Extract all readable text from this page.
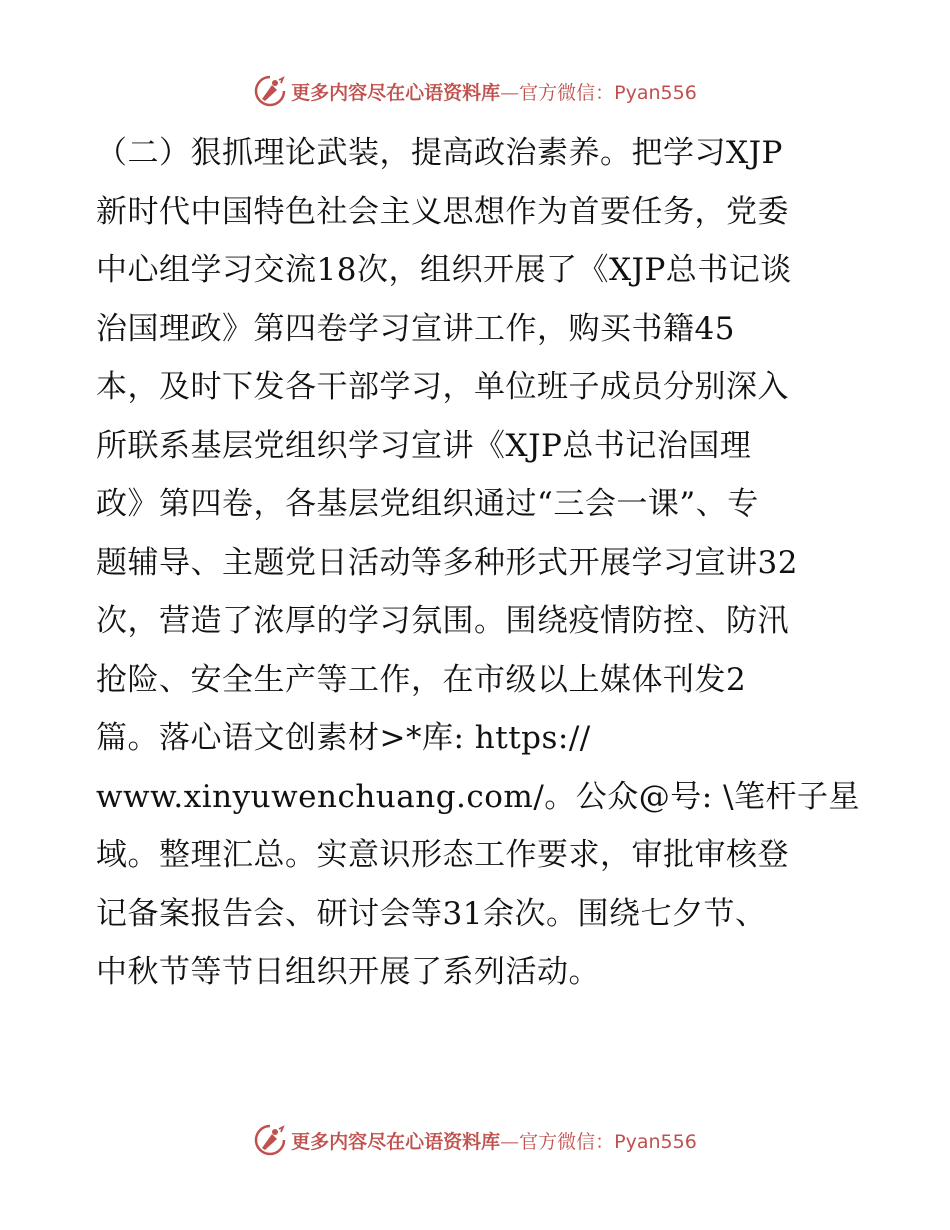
更多内容尽在心语资料库—官方微信：Pyan556
（二）狠抓理论武装，提高政治素养。把学习XJP
新时代中国特色社会主义思想作为首要任务，党委
中心组学习交流18次，组织开展了《XJP总书记谈
治国理政》第四卷学习宣讲工作，购买书籍45
本，及时下发各干部学习，单位班子成员分别深入
所联系基层党组织学习宣讲《XJP总书记治国理
政》第四卷，各基层党组织通过“三会一课”、专
题辅导、主题党日活动等多种形式开展学习宣讲32
次，营造了浓厚的学习氛围。围绕疫情防控、防汛
抢险、安全生产等工作，在市级以上媒体刊发2
篇。落心语文创素材>*库: https://
www.xinyuwenchuang.com/。公众@号: \笔杆子星
域。整理汇总。实意识形态工作要求，审批审核登
记备案报告会、研讨会等31余次。围绕七夕节、
中秋节等节日组织开展了系列活动。
更多内容尽在心语资料库—官方微信：Pyan556
